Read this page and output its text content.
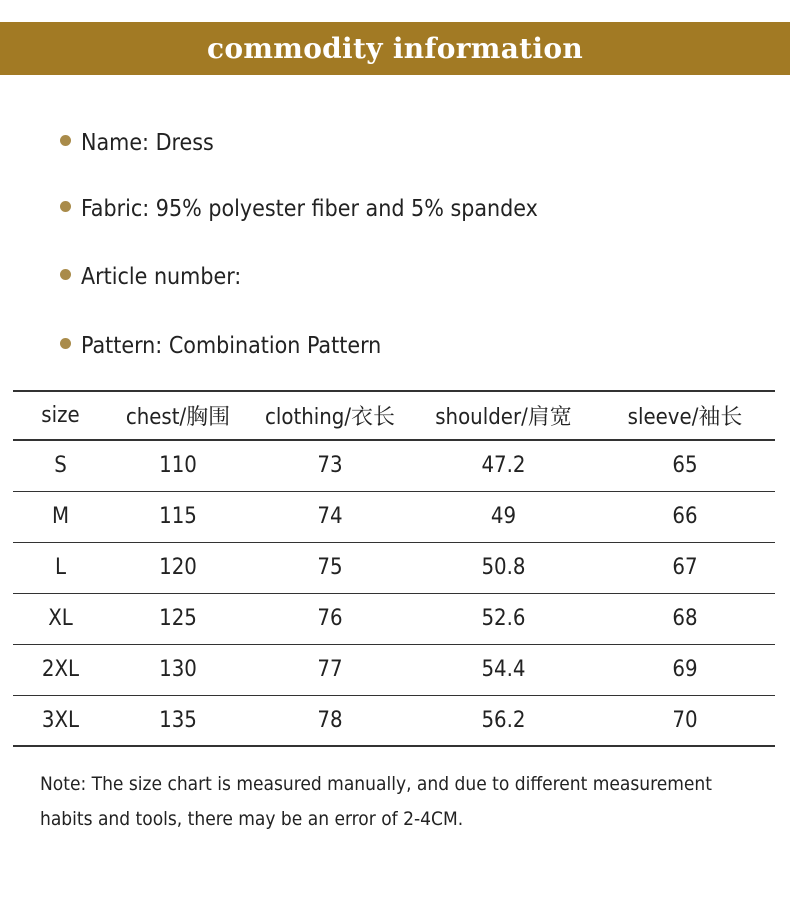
commodity information
Name: Dress
Fabric: 95% polyester fiber and 5% spandex
Article number:
Pattern: Combination Pattern
size	chest/胸围	clothing/衣长	shoulder/肩宽	sleeve/袖长
S	110	73	47.2	65
M	115	74	49	66
L	120	75	50.8	67
XL	125	76	52.6	68
2XL	130	77	54.4	69
3XL	135	78	56.2	70
Note: The size chart is measured manually, and due to different measurement
habits and tools, there may be an error of 2-4CM.
